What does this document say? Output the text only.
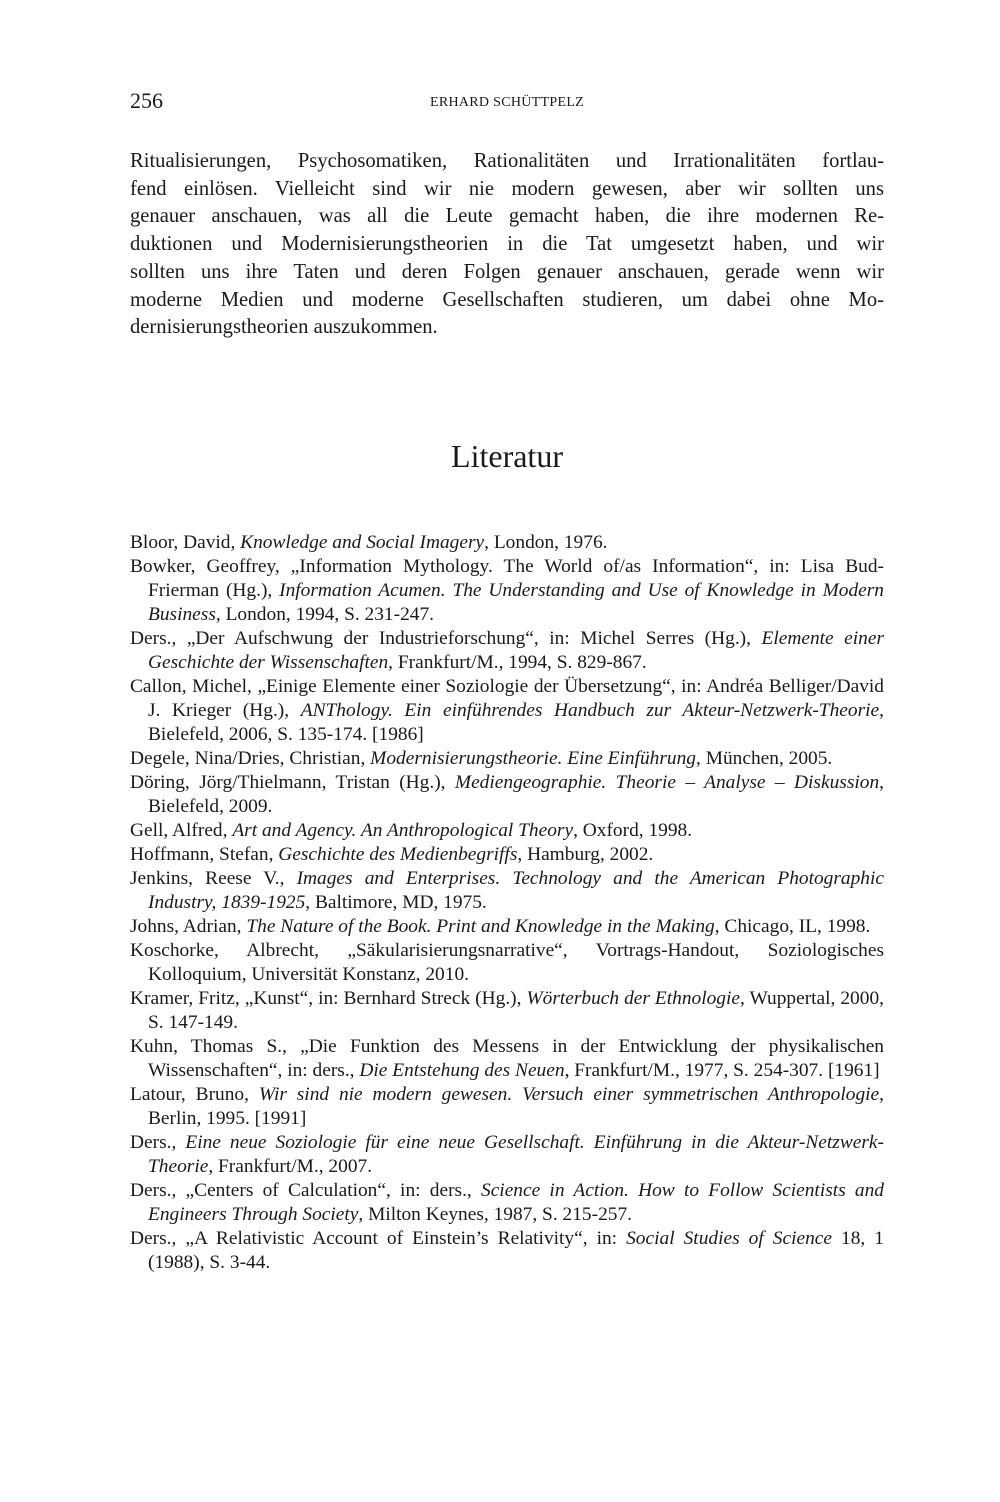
256	ERHARD SCHÜTTPELZ

Ritualisierungen, Psychosomatiken, Rationalitäten und Irrationalitäten fortlau-
fend einlösen. Vielleicht sind wir nie modern gewesen, aber wir sollten uns
genauer anschauen, was all die Leute gemacht haben, die ihre modernen Re-
duktionen und Modernisierungstheorien in die Tat umgesetzt haben, und wir
sollten uns ihre Taten und deren Folgen genauer anschauen, gerade wenn wir
moderne Medien und moderne Gesellschaften studieren, um dabei ohne Mo-
dernisierungstheorien auszukommen.

Literatur

Bloor, David, Knowledge and Social Imagery, London, 1976.

Bowker, Geoffrey, „Information Mythology. The World of/as Information“, in: Lisa Bud-Frierman (Hg.), Information Acumen. The Understanding and Use of Knowledge in Modern Business, London, 1994, S. 231-247.

Ders., „Der Aufschwung der Industrieforschung“, in: Michel Serres (Hg.), Elemente einer Geschichte der Wissenschaften, Frankfurt/M., 1994, S. 829-867.

Callon, Michel, „Einige Elemente einer Soziologie der Übersetzung“, in: Andréa Belliger/David J. Krieger (Hg.), ANThology. Ein einführendes Handbuch zur Akteur-Netzwerk-Theorie, Bielefeld, 2006, S. 135-174. [1986]

Degele, Nina/Dries, Christian, Modernisierungstheorie. Eine Einführung, München, 2005.

Döring, Jörg/Thielmann, Tristan (Hg.), Mediengeographie. Theorie – Analyse – Diskussion, Bielefeld, 2009.

Gell, Alfred, Art and Agency. An Anthropological Theory, Oxford, 1998.

Hoffmann, Stefan, Geschichte des Medienbegriffs, Hamburg, 2002.

Jenkins, Reese V., Images and Enterprises. Technology and the American Photographic Industry, 1839-1925, Baltimore, MD, 1975.

Johns, Adrian, The Nature of the Book. Print and Knowledge in the Making, Chicago, IL, 1998.

Koschorke, Albrecht, „Säkularisierungsnarrative“, Vortrags-Handout, Soziologisches Kolloquium, Universität Konstanz, 2010.

Kramer, Fritz, „Kunst“, in: Bernhard Streck (Hg.), Wörterbuch der Ethnologie, Wuppertal, 2000, S. 147-149.

Kuhn, Thomas S., „Die Funktion des Messens in der Entwicklung der physikalischen Wissenschaften“, in: ders., Die Entstehung des Neuen, Frankfurt/M., 1977, S. 254-307. [1961]

Latour, Bruno, Wir sind nie modern gewesen. Versuch einer symmetrischen Anthropologie, Berlin, 1995. [1991]

Ders., Eine neue Soziologie für eine neue Gesellschaft. Einführung in die Akteur-Netzwerk-Theorie, Frankfurt/M., 2007.

Ders., „Centers of Calculation“, in: ders., Science in Action. How to Follow Scientists and Engineers Through Society, Milton Keynes, 1987, S. 215-257.

Ders., „A Relativistic Account of Einstein’s Relativity“, in: Social Studies of Science 18, 1 (1988), S. 3-44.
